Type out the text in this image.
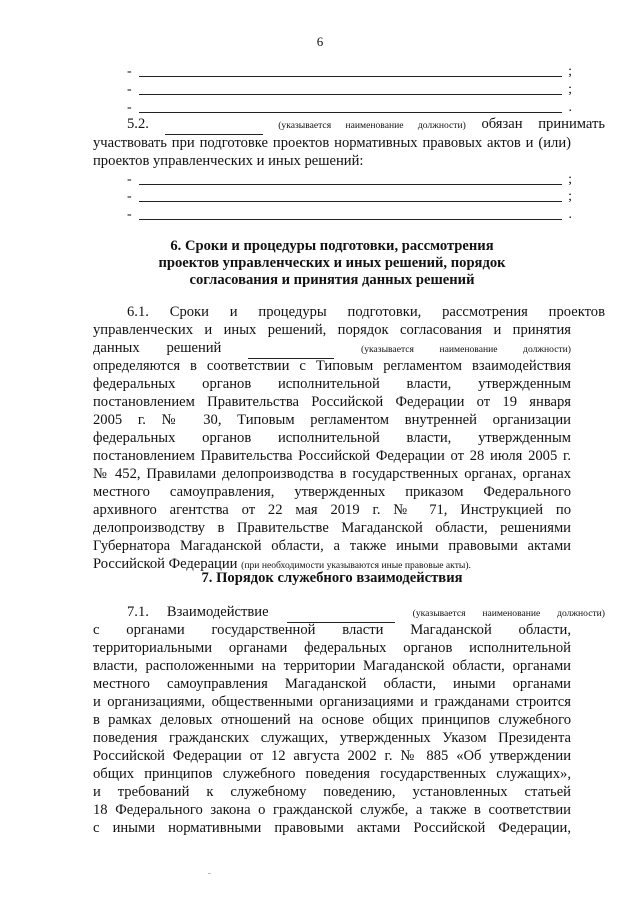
6
-	;
-	;
-	.
5.2.	(указывается наименование должности) обязан принимать
участвовать при подготовке проектов нормативных правовых актов и (или)
проектов управленческих и иных решений:
-	;
-	;
-	.
6. Сроки и процедуры подготовки, рассмотрения
проектов управленческих и иных решений, порядок
согласования и принятия данных решений
6.1. Сроки и процедуры подготовки, рассмотрения проектов
управленческих и иных решений, порядок согласования и принятия
данных решений	(указывается наименование должности)
определяются в соответствии с Типовым регламентом взаимодействия
федеральных органов исполнительной власти, утвержденным
постановлением Правительства Российской Федерации от 19 января
2005 г. № 30, Типовым регламентом внутренней организации
федеральных органов исполнительной власти, утвержденным
постановлением Правительства Российской Федерации от 28 июля 2005 г.
№ 452, Правилами делопроизводства в государственных органах, органах
местного самоуправления, утвержденных приказом Федерального
архивного агентства от 22 мая 2019 г. № 71, Инструкцией по
делопроизводству в Правительстве Магаданской области, решениями
Губернатора Магаданской области, а также иными правовыми актами
Российской Федерации (при необходимости указываются иные правовые акты).
7. Порядок служебного взаимодействия
7.1. Взаимодействие	(указывается наименование должности)
с органами государственной власти Магаданской области,
территориальными органами федеральных органов исполнительной
власти, расположенными на территории Магаданской области, органами
местного самоуправления Магаданской области, иными органами
и организациями, общественными организациями и гражданами строится
в рамках деловых отношений на основе общих принципов служебного
поведения гражданских служащих, утвержденных Указом Президента
Российской Федерации от 12 августа 2002 г. № 885 «Об утверждении
общих принципов служебного поведения государственных служащих»,
и требований к служебному поведению, установленных статьей
18 Федерального закона о гражданской службе, а также в соответствии
с иными нормативными правовыми актами Российской Федерации,
